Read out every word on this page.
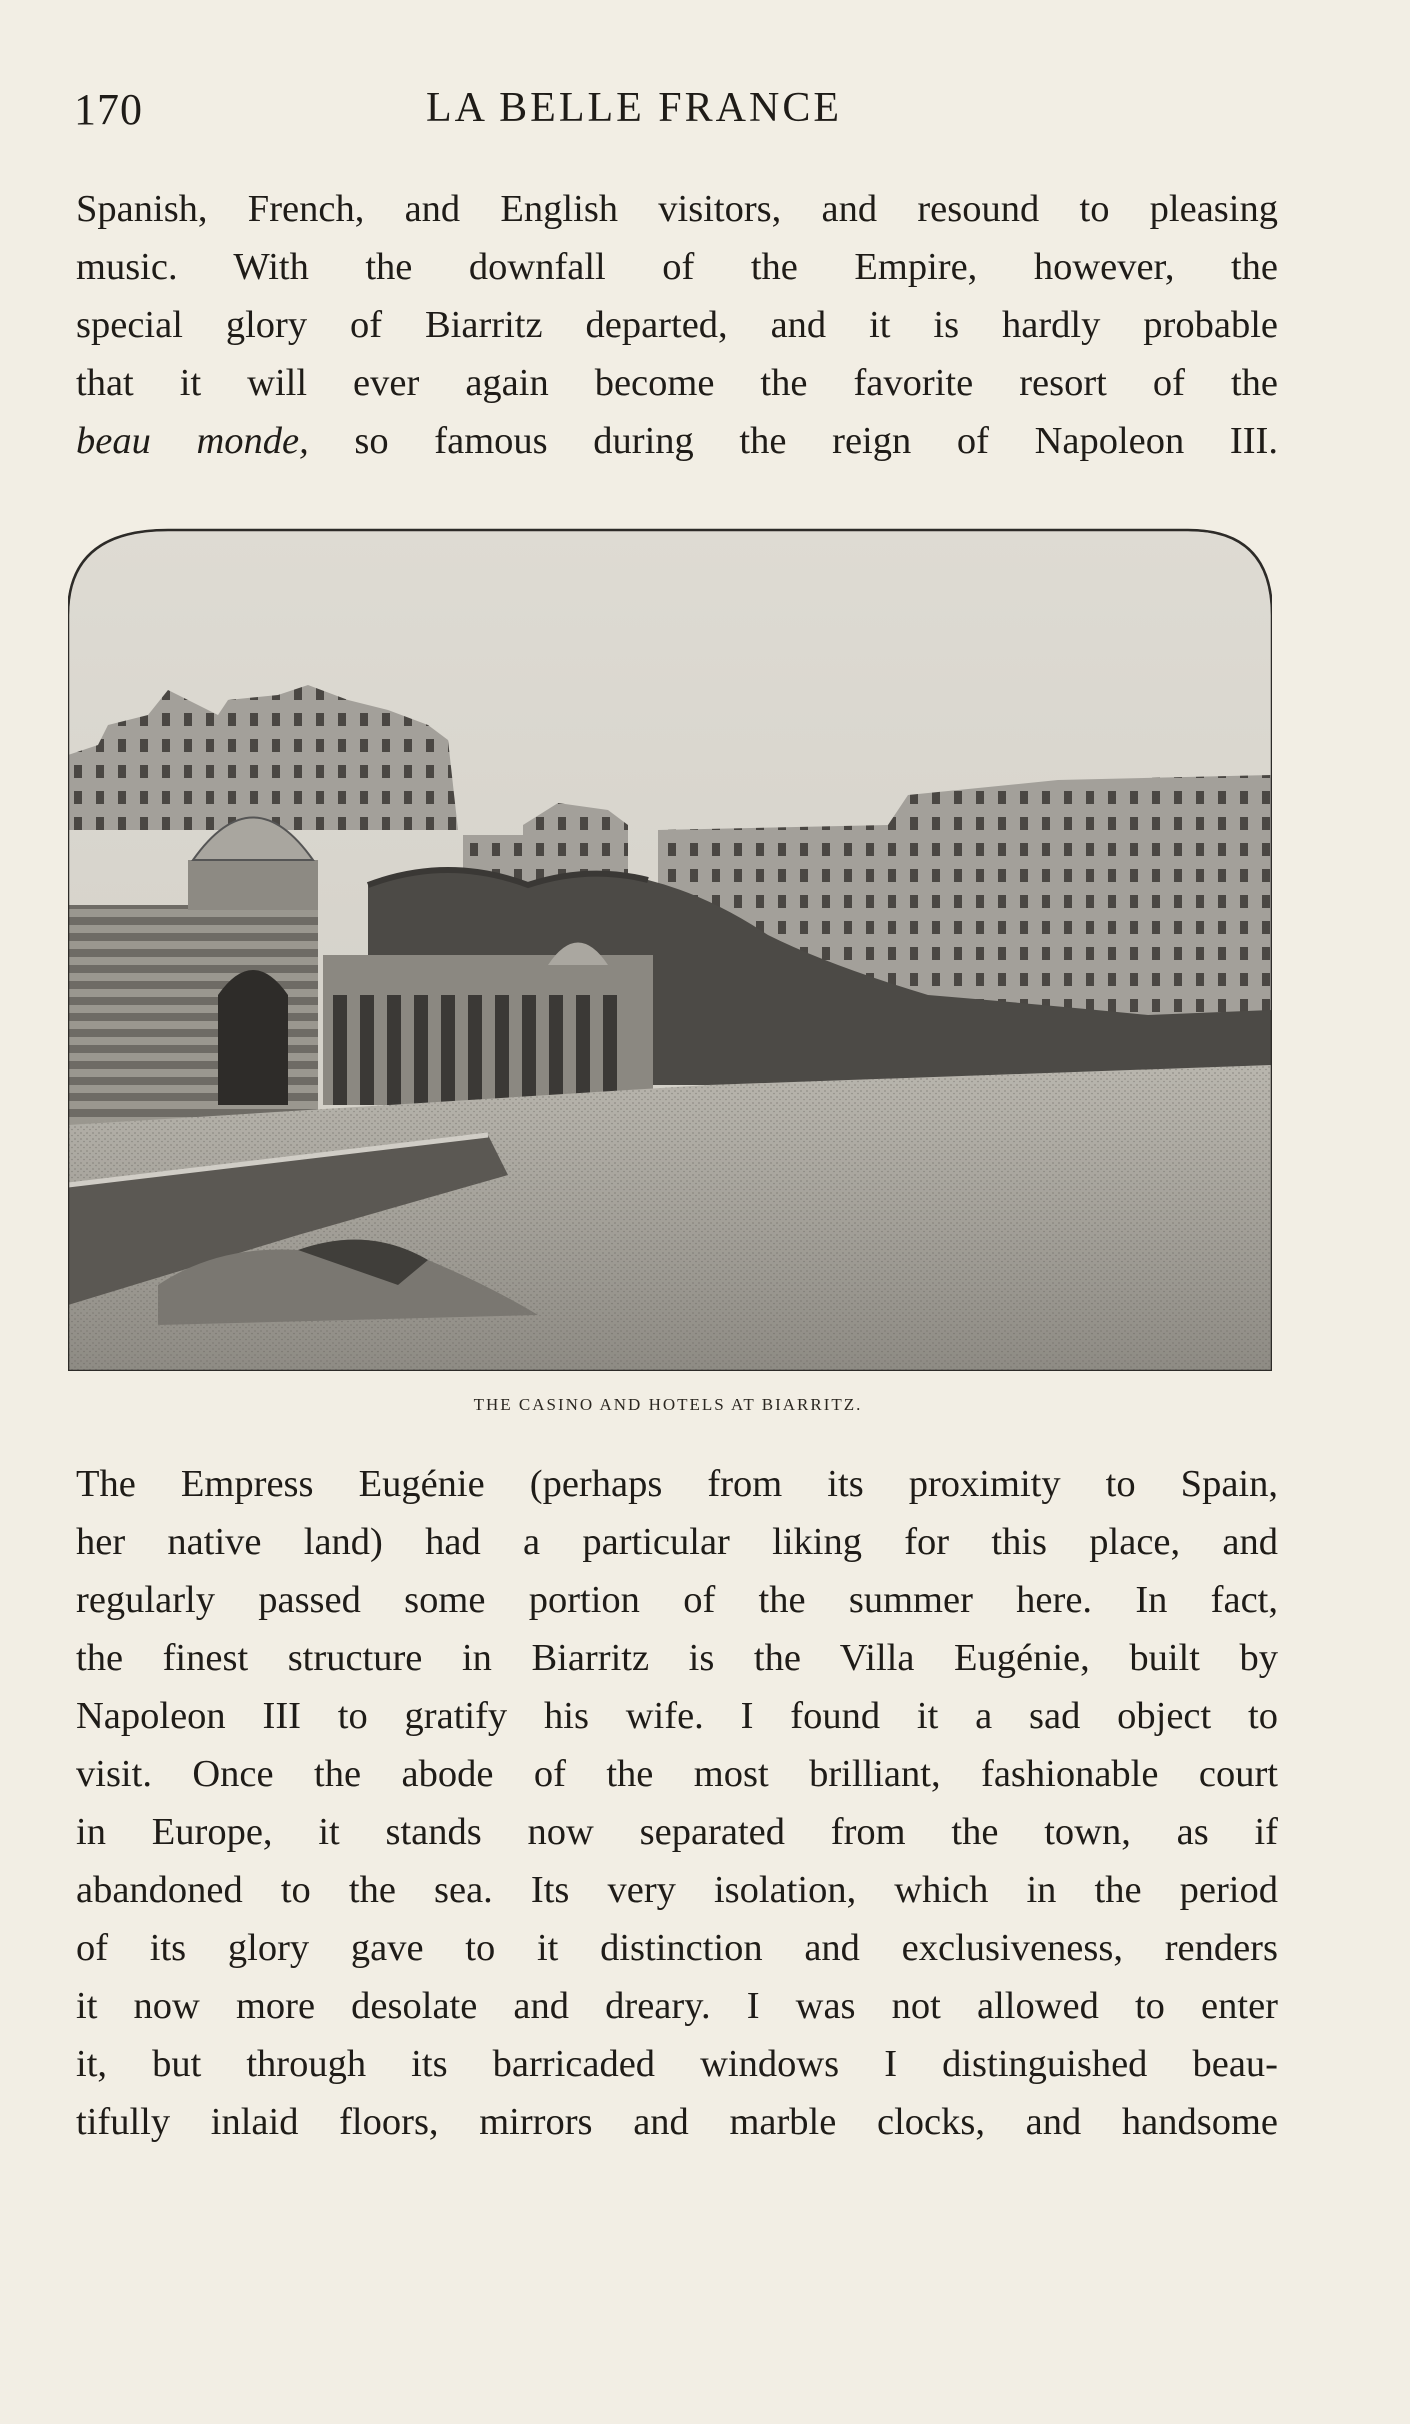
170	LA BELLE FRANCE
Spanish, French, and English visitors, and resound to pleasing
music. With the downfall of the Empire, however, the
special glory of Biarritz departed, and it is hardly probable
that it will ever again become the favorite resort of the
beau monde, so famous during the reign of Napoleon III.
THE CASINO AND HOTELS AT BIARRITZ.
The Empress Eugénie (perhaps from its proximity to Spain,
her native land) had a particular liking for this place, and
regularly passed some portion of the summer here. In fact,
the finest structure in Biarritz is the Villa Eugénie, built by
Napoleon III to gratify his wife. I found it a sad object to
visit. Once the abode of the most brilliant, fashionable court
in Europe, it stands now separated from the town, as if
abandoned to the sea. Its very isolation, which in the period
of its glory gave to it distinction and exclusiveness, renders
it now more desolate and dreary. I was not allowed to enter
it, but through its barricaded windows I distinguished beau-
tifully inlaid floors, mirrors and marble clocks, and handsome
